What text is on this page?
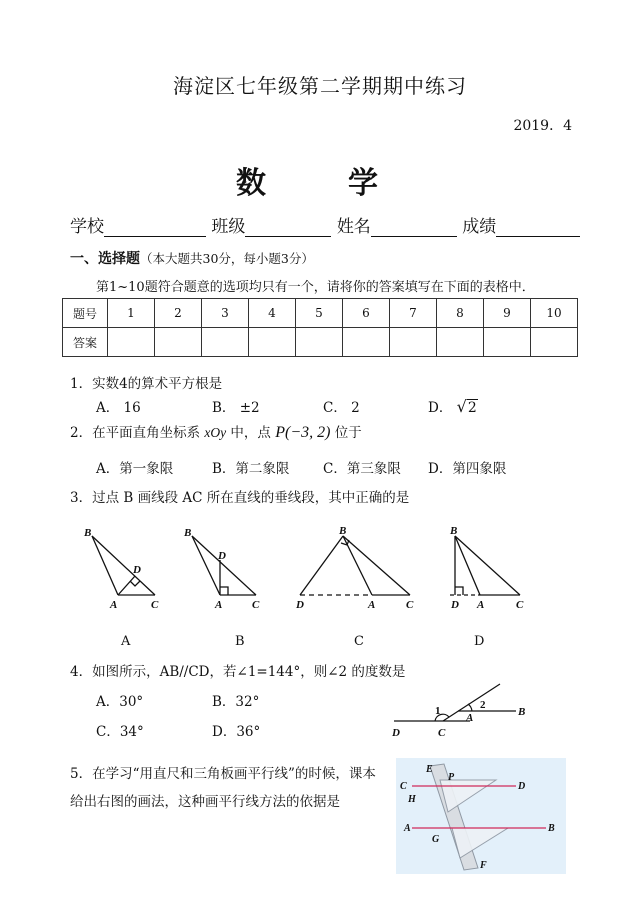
海淀区七年级第二学期期中练习
2019．4
数　学
学校	班级	姓名	成绩
一、选择题（本大题共30分，每小题3分）
第1~10题符合题意的选项均只有一个，请将你的答案填写在下面的表格中．
题号	1	2	3	4	5	6	7	8	9	10
答案										
1．实数4的算术平方根是
A． 16	B． ±2	C． 2	D． √2
2．在平面直角坐标系 xOy 中，点 P(−3, 2) 位于
A．第一象限	B．第二象限 C．第三象限 D．第四象限
3．过点 B 画线段 AC 所在直线的垂线段，其中正确的是
B
A	C
D
B
A	C
D
B
D	A	C
B
D A	C
A	B	C	D
4．如图所示，AB//CD，若∠1=144°，则∠2 的度数是
A．30°	B．32°
C．34°	D．36°	D	C
A	B
1	2
5．在学习“用直尺和三角板画平行线”的时候，课本
给出右图的画法，这种画平行线方法的依据是
E
P
C	D
H
A	B
G
F
